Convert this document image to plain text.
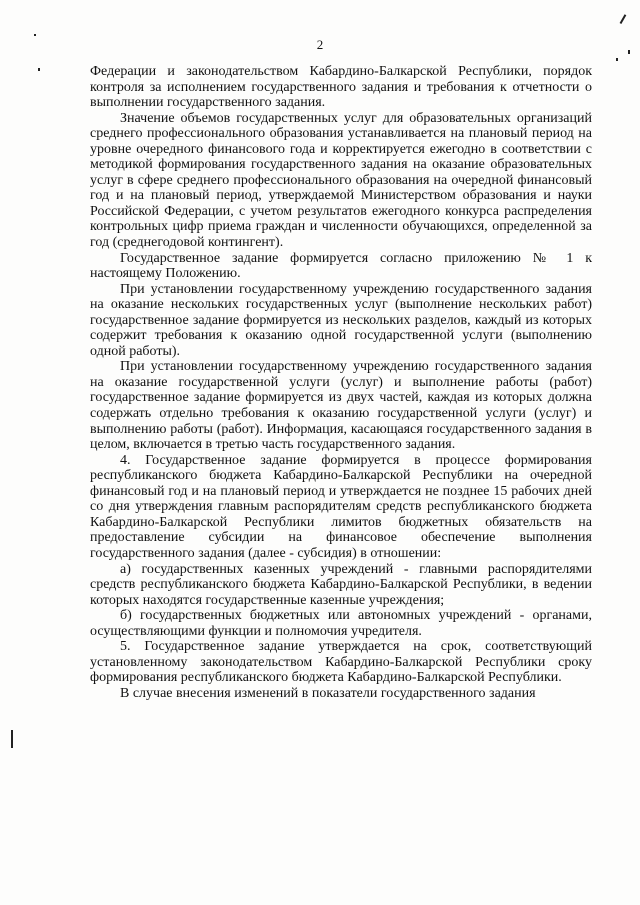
2

Федерации и законодательством Кабардино-Балкарской Республики, порядок контроля за исполнением государственного задания и требования к отчетности о выполнении государственного задания.

Значение объемов государственных услуг для образовательных организаций среднего профессионального образования устанавливается на плановый период на уровне очередного финансового года и корректируется ежегодно в соответствии с методикой формирования государственного задания на оказание образовательных услуг в сфере среднего профессионального образования на очередной финансовый год и на плановый период, утверждаемой Министерством образования и науки Российской Федерации, с учетом результатов ежегодного конкурса распределения контрольных цифр приема граждан и численности обучающихся, определенной за год (среднегодовой контингент).

Государственное задание формируется согласно приложению № 1 к настоящему Положению.

При установлении государственному учреждению государственного задания на оказание нескольких государственных услуг (выполнение нескольких работ) государственное задание формируется из нескольких разделов, каждый из которых содержит требования к оказанию одной государственной услуги (выполнению одной работы).

При установлении государственному учреждению государственного задания на оказание государственной услуги (услуг) и выполнение работы (работ) государственное задание формируется из двух частей, каждая из которых должна содержать отдельно требования к оказанию государственной услуги (услуг) и выполнению работы (работ). Информация, касающаяся государственного задания в целом, включается в третью часть государственного задания.

4. Государственное задание формируется в процессе формирования республиканского бюджета Кабардино-Балкарской Республики на очередной финансовый год и на плановый период и утверждается не позднее 15 рабочих дней со дня утверждения главным распорядителям средств республиканского бюджета Кабардино-Балкарской Республики лимитов бюджетных обязательств на предоставление субсидии на финансовое обеспечение выполнения государственного задания (далее - субсидия) в отношении:

а) государственных казенных учреждений - главными распорядителями средств республиканского бюджета Кабардино-Балкарской Республики, в ведении которых находятся государственные казенные учреждения;

б) государственных бюджетных или автономных учреждений - органами, осуществляющими функции и полномочия учредителя.

5. Государственное задание утверждается на срок, соответствующий установленному законодательством Кабардино-Балкарской Республики сроку формирования республиканского бюджета Кабардино-Балкарской Республики.

В случае внесения изменений в показатели государственного задания
